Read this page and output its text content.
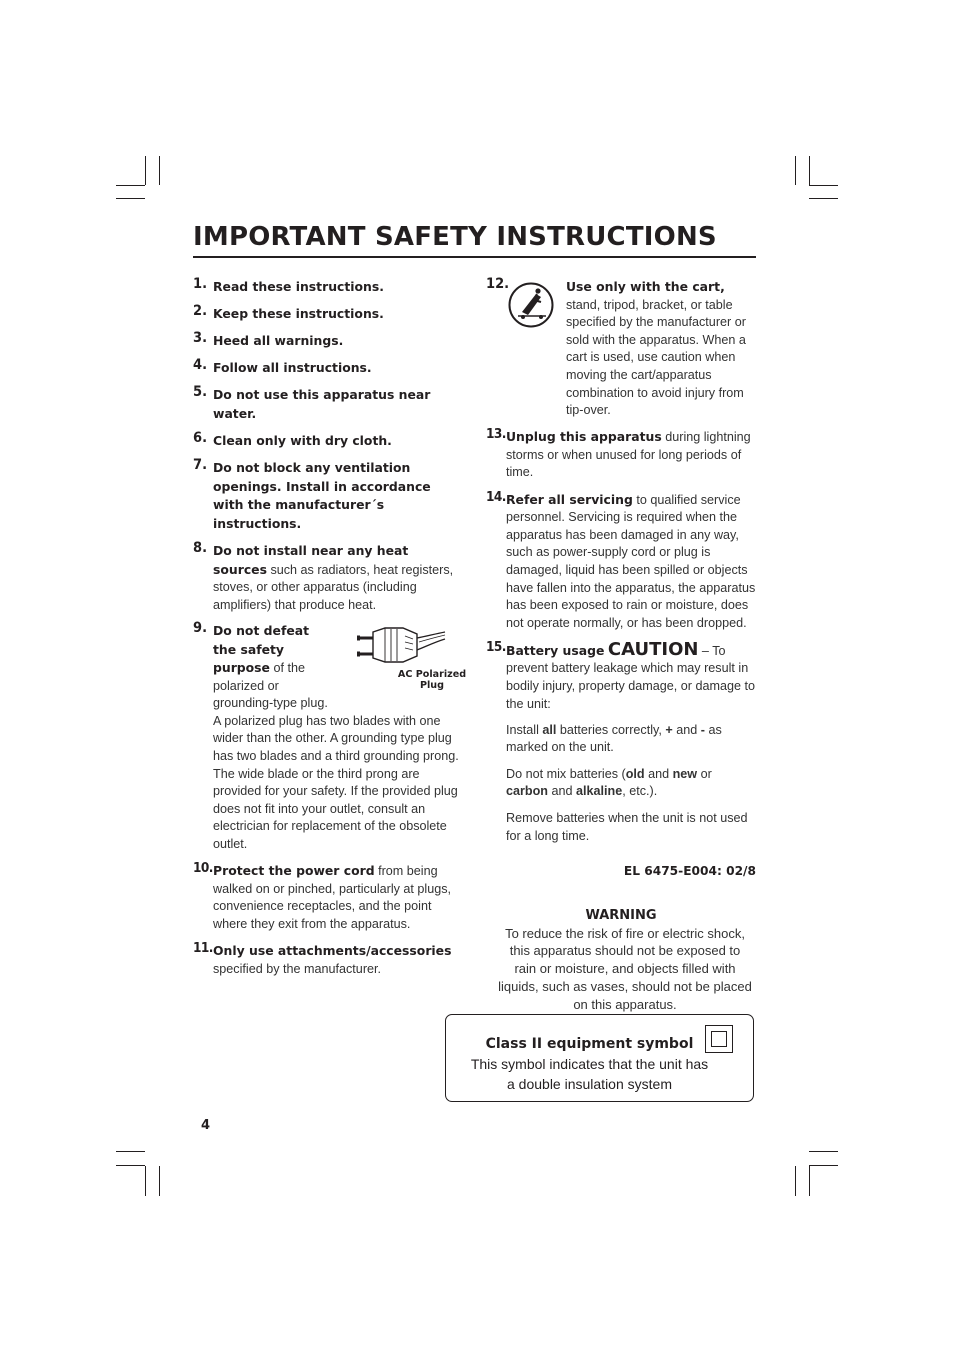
IMPORTANT SAFETY INSTRUCTIONS
1. Read these instructions.
2. Keep these instructions.
3. Heed all warnings.
4. Follow all instructions.
5. Do not use this apparatus near water.
6. Clean only with dry cloth.
7. Do not block any ventilation openings. Install in accordance with the manufacturer´s instructions.
8. Do not install near any heat sources such as radiators, heat registers, stoves, or other apparatus (including amplifiers) that produce heat.
9.
AC Polarized
Plug
Do not defeat the safety purpose of the polarized or grounding-type plug.
A polarized plug has two blades with one wider than the other. A grounding type plug has two blades and a third grounding prong. The wide blade or the third prong are provided for your safety. If the provided plug does not fit into your outlet, consult an electrician for replacement of the obsolete outlet.
10. Protect the power cord from being walked on or pinched, particularly at plugs, convenience receptacles, and the point where they exit from the apparatus.
11. Only use attachments/accessories specified by the manufacturer.
12.	Use only with the cart, stand, tripod, bracket, or table specified by the manufacturer or sold with the apparatus. When a cart is used, use caution when moving the cart/apparatus combination to avoid injury from tip-over.
13. Unplug this apparatus during lightning storms or when unused for long periods of time.
14. Refer all servicing to qualified service personnel. Servicing is required when the apparatus has been damaged in any way, such as power-supply cord or plug is damaged, liquid has been spilled or objects have fallen into the apparatus, the apparatus has been exposed to rain or moisture, does not operate normally, or has been dropped.
15. Battery usage CAUTION – To prevent battery leakage which may result in bodily injury, property damage, or damage to the unit:

Install all batteries correctly, + and - as marked on the unit.

Do not mix batteries (old and new or carbon and alkaline, etc.).

Remove batteries when the unit is not used for a long time.

EL 6475-E004: 02/8
WARNING
To reduce the risk of fire or electric shock, this apparatus should not be exposed to rain or moisture, and objects filled with liquids, such as vases, should not be placed on this apparatus.
Class II equipment symbol
This symbol indicates that the unit has
a double insulation system
4
